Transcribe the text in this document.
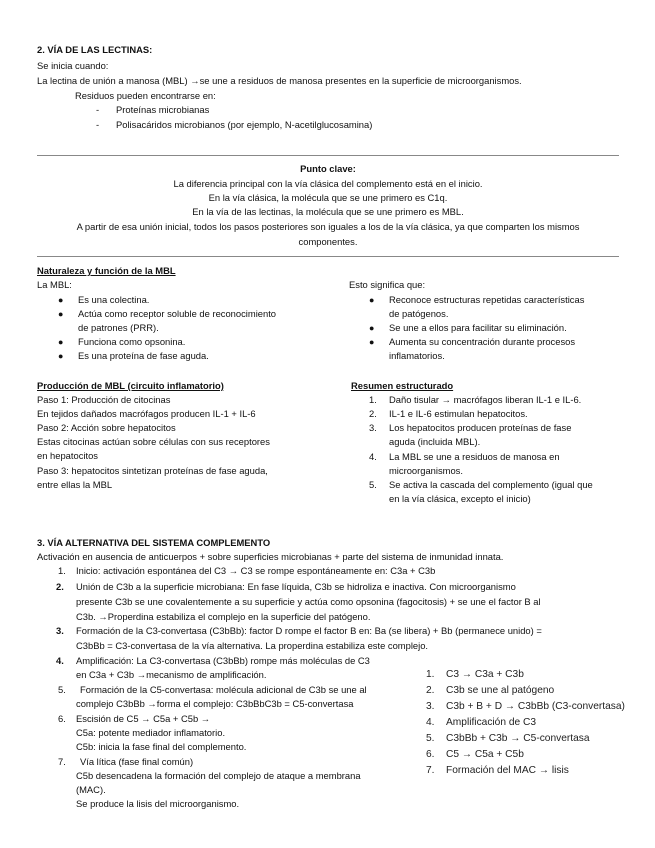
2. VÍA DE LAS LECTINAS:
Se inicia cuando:
La lectina de unión a manosa (MBL) →se une a residuos de manosa presentes en la superficie de microorganismos.
Residuos pueden encontrarse en:
- Proteínas microbianas
- Polisacáridos microbianos (por ejemplo, N-acetilglucosamina)
Punto clave:
La diferencia principal con la vía clásica del complemento está en el inicio.
En la vía clásica, la molécula que se une primero es C1q.
En la vía de las lectinas, la molécula que se une primero es MBL.
A partir de esa unión inicial, todos los pasos posteriores son iguales a los de la vía clásica, ya que comparten los mismos
componentes.
Naturaleza y función de la MBL
La MBL:
● Es una colectina.
● Actúa como receptor soluble de reconocimiento
de patrones (PRR).
● Funciona como opsonina.
● Es una proteína de fase aguda.
Esto significa que:
● Reconoce estructuras repetidas características
de patógenos.
● Se une a ellos para facilitar su eliminación.
● Aumenta su concentración durante procesos
inflamatorios.
Producción de MBL (circuito inflamatorio)
Paso 1: Producción de citocinas
En tejidos dañados macrófagos producen IL-1 + IL-6
Paso 2: Acción sobre hepatocitos
Estas citocinas actúan sobre células con sus receptores
en hepatocitos
Paso 3: hepatocitos sintetizan proteínas de fase aguda,
entre ellas la MBL
Resumen estructurado
1. Daño tisular → macrófagos liberan IL-1 e IL-6.
2. IL-1 e IL-6 estimulan hepatocitos.
3. Los hepatocitos producen proteínas de fase
aguda (incluida MBL).
4. La MBL se une a residuos de manosa en
microorganismos.
5. Se activa la cascada del complemento (igual que
en la vía clásica, excepto el inicio)
3. VÍA ALTERNATIVA DEL SISTEMA COMPLEMENTO
Activación en ausencia de anticuerpos + sobre superficies microbianas + parte del sistema de inmunidad innata.
1. Inicio: activación espontánea del C3 → C3 se rompe espontáneamente en: C3a + C3b
2. Unión de C3b a la superficie microbiana: En fase líquida, C3b se hidroliza e inactiva. Con microorganismo
presente C3b se une covalentemente a su superficie y actúa como opsonina (fagocitosis) + se une el factor B al
C3b. →Properdina estabiliza el complejo en la superficie del patógeno.
3. Formación de la C3-convertasa (C3bBb): factor D rompe el factor B en: Ba (se libera) + Bb (permanece unido) =
C3bBb = C3-convertasa de la vía alternativa. La properdina estabiliza este complejo.
4. Amplificación: La C3-convertasa (C3bBb) rompe más moléculas de C3
en C3a + C3b →mecanismo de amplificación.
5. Formación de la C5-convertasa: molécula adicional de C3b se une al
complejo C3bBb →forma el complejo: C3bBbC3b = C5-convertasa
6. Escisión de C5 → C5a + C5b →
C5a: potente mediador inflamatorio.
C5b: inicia la fase final del complemento.
7. Vía lítica (fase final común)
C5b desencadena la formación del complejo de ataque a membrana
(MAC).
Se produce la lisis del microorganismo.
1. C3 → C3a + C3b
2. C3b se une al patógeno
3. C3b + B + D → C3bBb (C3-convertasa)
4. Amplificación de C3
5. C3bBb + C3b → C5-convertasa
6. C5 → C5a + C5b
7. Formación del MAC → lisis
